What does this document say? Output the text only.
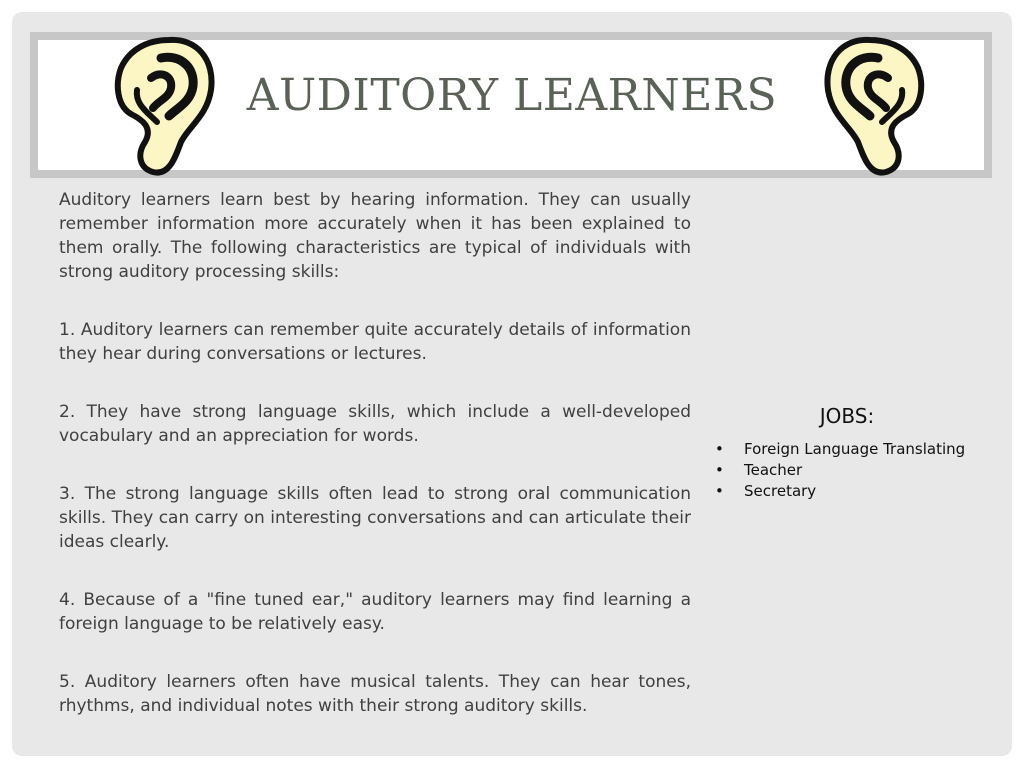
AUDITORY LEARNERS

Auditory learners learn best by hearing information. They can usually remember information more accurately when it has been explained to them orally. The following characteristics are typical of individuals with strong auditory processing skills:

1. Auditory learners can remember quite accurately details of information they hear during conversations or lectures.

2. They have strong language skills, which include a well-developed vocabulary and an appreciation for words.

3. The strong language skills often lead to strong oral communication skills. They can carry on interesting conversations and can articulate their ideas clearly.

4. Because of a "fine tuned ear," auditory learners may find learning a foreign language to be relatively easy.

5. Auditory learners often have musical talents. They can hear tones, rhythms, and individual notes with their strong auditory skills.

JOBS:
• Foreign Language Translating
• Teacher
• Secretary
